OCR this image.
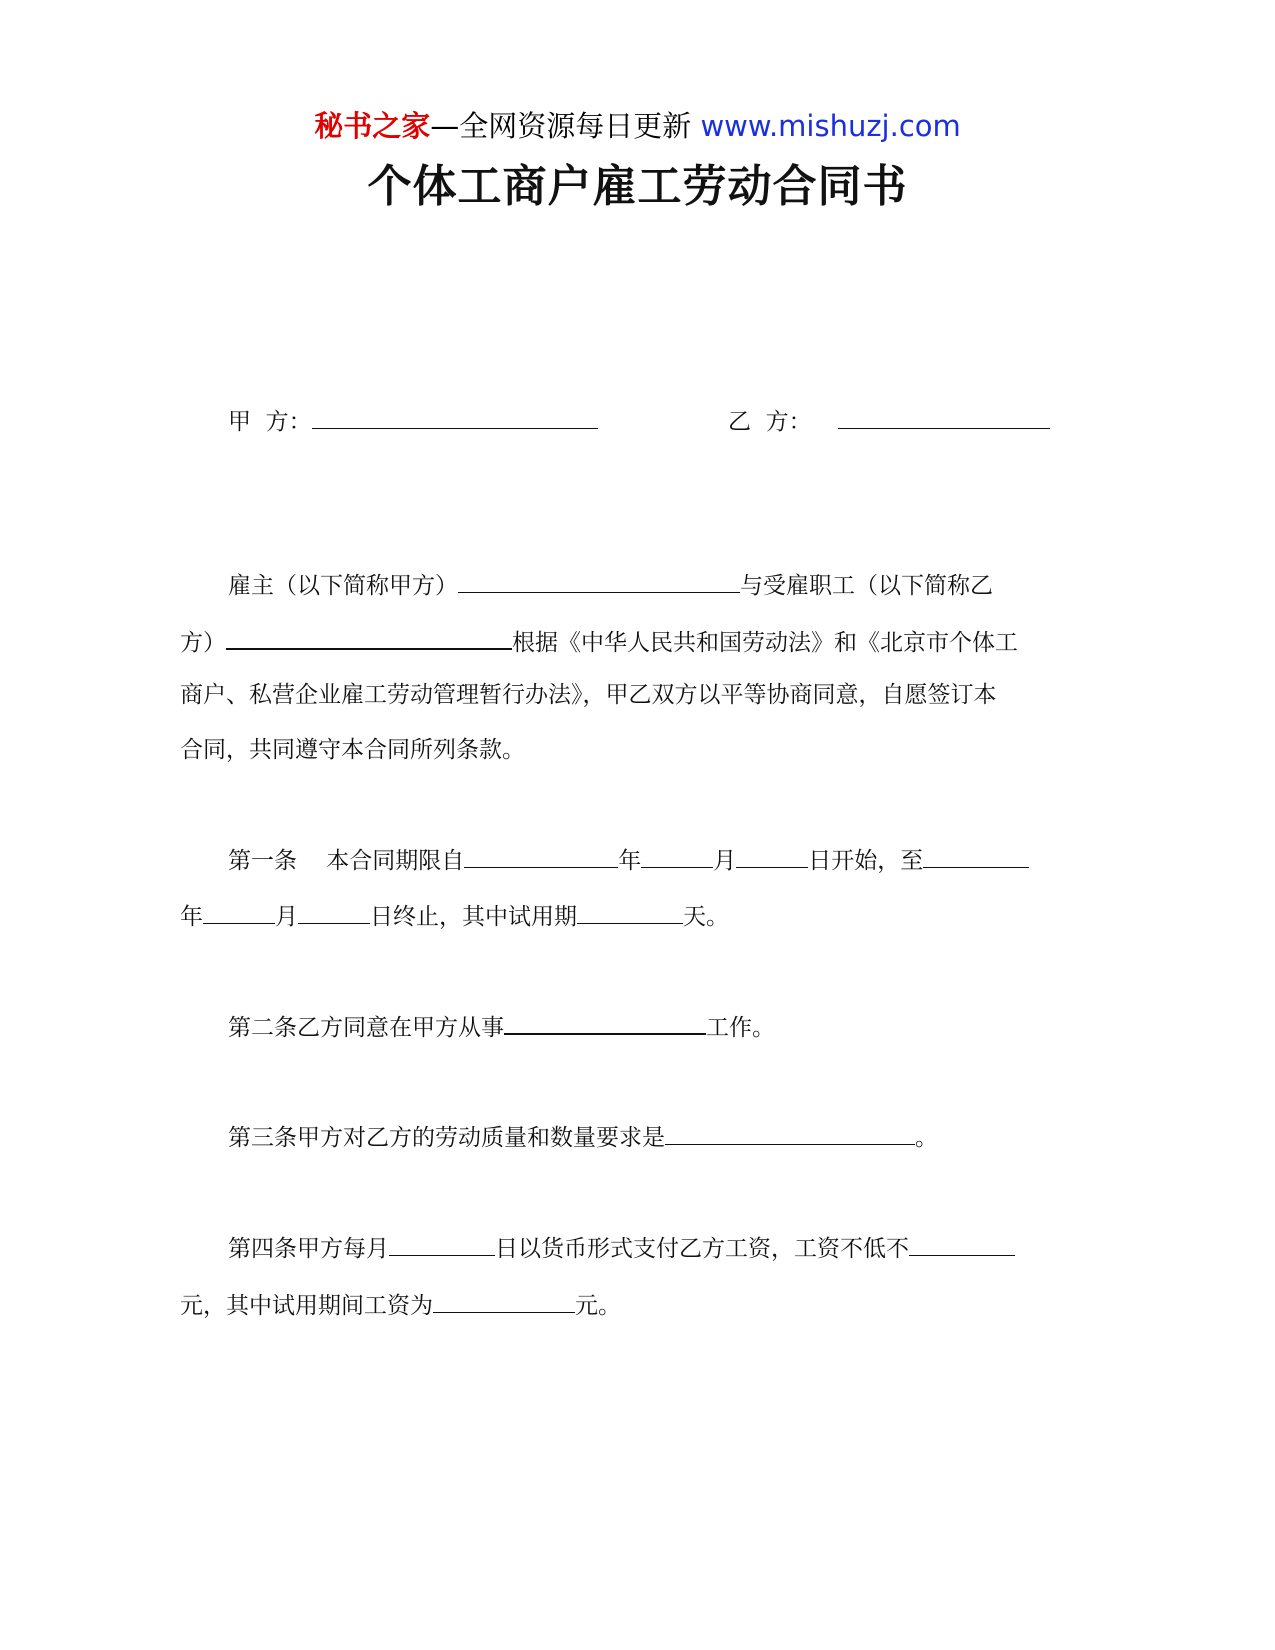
秘书之家—全网资源每日更新 www.mishuzj.com
个体工商户雇工劳动合同书
甲  方：	乙  方：
雇主（以下简称甲方）	与受雇职工（以下简称乙
方）	根据《中华人民共和国劳动法》和《北京市个体工
商户、私营企业雇工劳动管理暂行办法》，甲乙双方以平等协商同意，自愿签订本
合同，共同遵守本合同所列条款。
第一条    本合同期限自	年	月	日开始，至
年	月	日终止，其中试用期	天。
第二条乙方同意在甲方从事	工作。
第三条甲方对乙方的劳动质量和数量要求是	。
第四条甲方每月	日以货币形式支付乙方工资，工资不低不
元，其中试用期间工资为	元。
